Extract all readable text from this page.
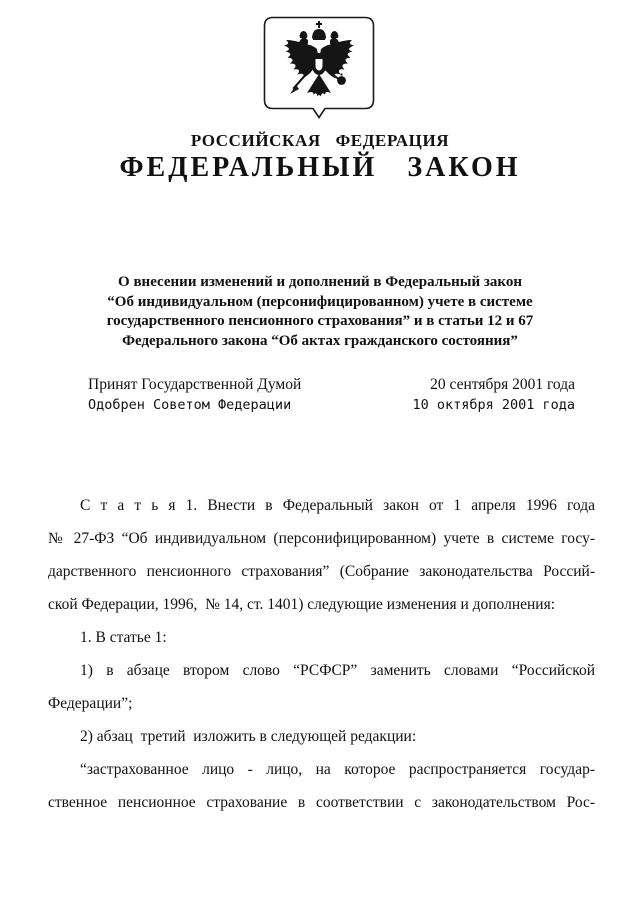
РОССИЙСКАЯ ФЕДЕРАЦИЯ
ФЕДЕРАЛЬНЫЙ ЗАКОН
О внесении изменений и дополнений в Федеральный закон
“Об индивидуальном (персонифицированном) учете в системе
государственного пенсионного страхования” и в статьи 12 и 67
Федерального закона “Об актах гражданского состояния”
Принят Государственной Думой	20 сентября 2001 года
Одобрен Советом Федерации	10 октября 2001 года
С т а т ь я 1. Внести в Федеральный закон от 1 апреля 1996 года
№ 27-ФЗ “Об индивидуальном (персонифицированном) учете в системе госу-
дарственного пенсионного страхования” (Собрание законодательства Россий-
ской Федерации, 1996,  № 14, ст. 1401) следующие изменения и дополнения:
1. В статье 1:
1) в абзаце втором слово “РСФСР” заменить словами “Российской
Федерации”;
2) абзац  третий  изложить в следующей редакции:
“застрахованное лицо - лицо, на которое распространяется государ-
ственное пенсионное страхование в соответствии с законодательством Рос-
